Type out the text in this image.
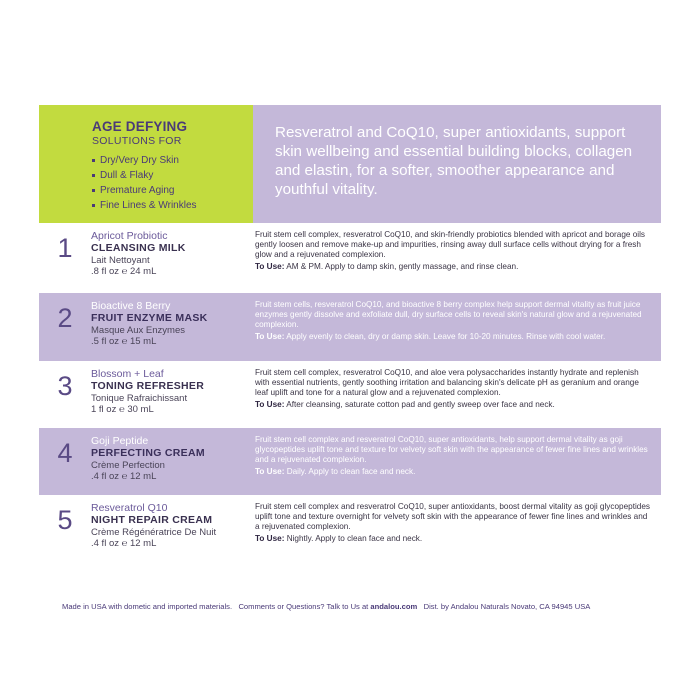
AGE DEFYING

SOLUTIONS FOR

Dry/Very Dry Skin
Dull & Flaky
Premature Aging
Fine Lines & Wrinkles

Resveratrol and CoQ10, super antioxidants, support skin wellbeing and essential building blocks, collagen and elastin, for a softer, smoother appearance and youthful vitality.

1	Apricot Probiotic
CLEANSING MILK
Lait Nettoyant
.8 fl oz ℮ 24 mL

Fruit stem cell complex, resveratrol CoQ10, and skin-friendly probiotics blended with apricot and borage oils gently loosen and remove make-up and impurities, rinsing away dull surface cells without drying for a fresh glow and a rejuvenated complexion.

To Use: AM & PM. Apply to damp skin, gently massage, and rinse clean.

2	Bioactive 8 Berry
FRUIT ENZYME MASK
Masque Aux Enzymes
.5 fl oz ℮ 15 mL

Fruit stem cells, resveratrol CoQ10, and bioactive 8 berry complex help support dermal vitality as fruit juice enzymes gently dissolve and exfoliate dull, dry surface cells to reveal skin's natural glow and a rejuvenated complexion.

To Use: Apply evenly to clean, dry or damp skin. Leave for 10-20 minutes. Rinse with cool water.

3	Blossom + Leaf
TONING REFRESHER
Tonique Rafraichissant
1 fl oz ℮ 30 mL

Fruit stem cell complex, resveratrol CoQ10, and aloe vera polysaccharides instantly hydrate and replenish with essential nutrients, gently soothing irritation and balancing skin's delicate pH as geranium and orange leaf uplift and tone for a natural glow and a rejuvenated complexion.

To Use: After cleansing, saturate cotton pad and gently sweep over face and neck.

4	Goji Peptide
PERFECTING CREAM
Crème Perfection
.4 fl oz ℮ 12 mL

Fruit stem cell complex and resveratrol CoQ10, super antioxidants, help support dermal vitality as goji glycopeptides uplift tone and texture for velvety soft skin with the appearance of fewer fine lines and wrinkles and a rejuvenated complexion.

To Use: Daily. Apply to clean face and neck.

5	Resveratrol Q10
NIGHT REPAIR CREAM
Crème Régénératrice De Nuit
.4 fl oz ℮ 12 mL

Fruit stem cell complex and resveratrol CoQ10, super antioxidants, boost dermal vitality as goji glycopeptides uplift tone and texture overnight for velvety soft skin with the appearance of fewer fine lines and wrinkles and a rejuvenated complexion.

To Use: Nightly. Apply to clean face and neck.

Made in USA with dometic and imported materials. Comments or Questions? Talk to Us at andalou.com Dist. by Andalou Naturals Novato, CA 94945 USA
